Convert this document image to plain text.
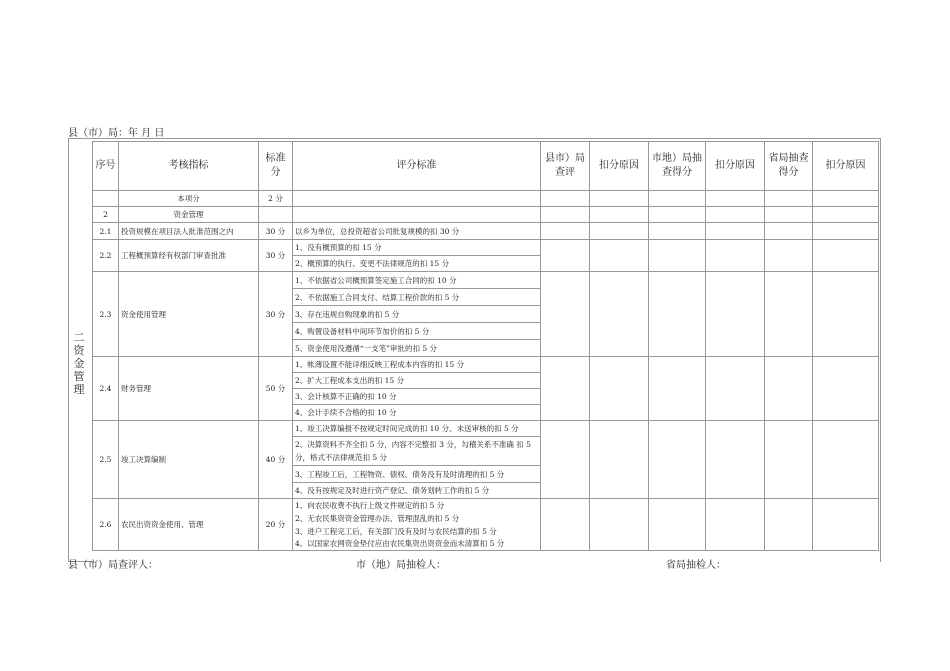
县（市）局：年 月 日
二资金管理
序号	考核指标	标准分	评分标准	县市）局查评	扣分原因	市地）局抽查得分	扣分原因	省局抽查得分	扣分原因
	本项分	2 分							
2	资金管理								
2.1	投资规模在项目法人批准范围之内	30 分	以乡为单位，总投资超省公司批复规模的扣 30 分						
2.2	工程概预算经有权部门审查批准	30 分	1、没有概预算的扣 15 分						
			2、概预算的执行、变更不法律规范的扣 15 分						
2.3	资金使用管理	30 分	1、不依据省公司概预算签定施工合同的扣 10 分						
			2、不依据施工合同支付、结算工程价款的扣 5 分						
			3、存在违规自购现象的扣 5 分						
			4、购置设备材料中间环节加价的扣 5 分						
			5、资金使用没遵循“一支笔”审批的扣 5 分						
2.4	财务管理	50 分	1、帐薄设置不能详细反映工程成本内容的扣 15 分						
			2、扩大工程成本支出的扣 15 分						
			3、会计核算不正确的扣 10 分						
			4、会计手续不合格的扣 10 分						
2.5	竣工决算编制	40 分	1、竣工决算编报不按规定时间完成的扣 10 分、未送审核的扣 5 分						
			2、决算资料不齐全扣 5 分，内容不完整扣 3 分，勾稽关系不准确 扣 5 分，格式不法律规范扣 5 分						
			3、工程竣工后，工程物资、债权、债务没有及时清理的扣 5 分						
			4、没有按规定及时进行资产登记、债务划转工作的扣 5 分						
2.6	农民出资资金使用、管理	20 分	1、向农民收费不执行上级文件规定的扣 5 分						
			2、无农民集资资金管理办法、管理混乱的扣 5 分						
			3、进户工程完工后，有关部门没有及时与农民结算的扣 5 分						
			4、以国家农网资金垫付应由农民集资出资资金而未清算扣 5 分						
县（市）局查评人：	市（地）局抽检人：	省局抽检人：
